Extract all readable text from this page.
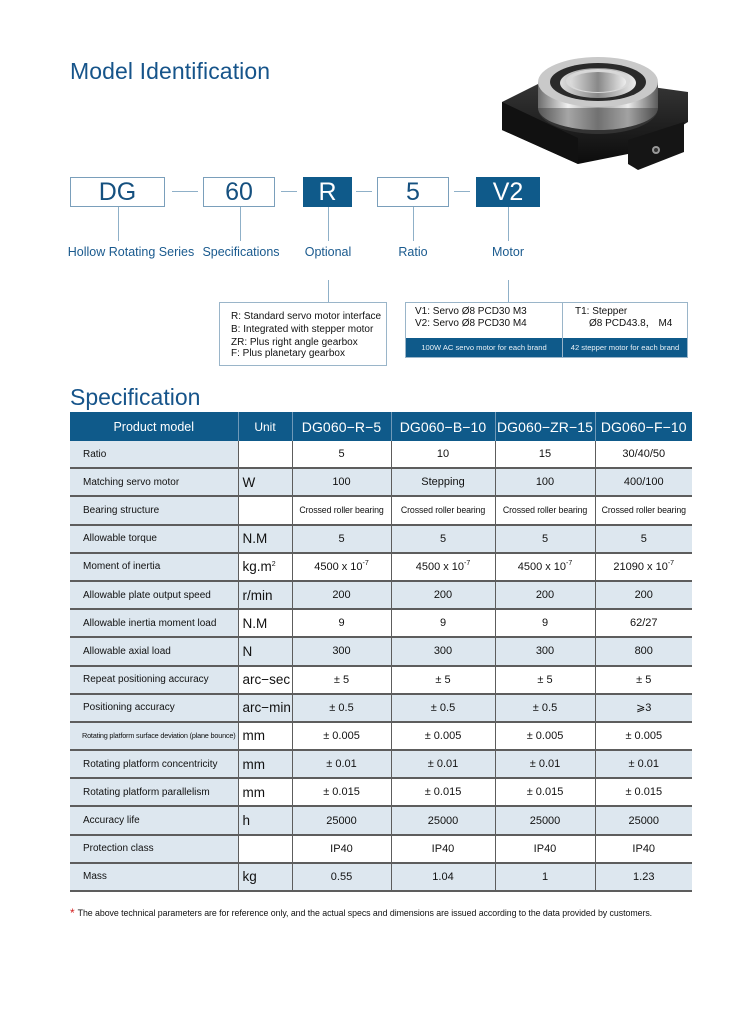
Model Identification
DG	60	R	5	V2
Hollow Rotating Series Specifications Optional	Ratio	Motor
R: Standard servo motor interface
B: Integrated with stepper motor
ZR: Plus right angle gearbox
F: Plus planetary gearbox
V1: Servo Ø8 PCD30 M3
V2: Servo Ø8 PCD30 M4
100W AC servo motor for each brand
T1: Stepper
Ø8 PCD43.8， M4
42 stepper motor for each brand
Specification
Product model	Unit	DG060−R−5	DG060−B−10	DG060−ZR−15	DG060−F−10
Ratio		5	10	15	30/40/50
Matching servo motor	W	100	Stepping	100	400/100
Bearing structure		Crossed roller bearing	Crossed roller bearing	Crossed roller bearing	Crossed roller bearing
Allowable torque	N.M	5	5	5	5
Moment of inertia	$kg.m^2$	4500 x $10^{-7}$	4500 x $10^{-7}$	4500 x $10^{-7}$	21090 x $10^{-7}$
Allowable plate output speed	r/min	200	200	200	200
Allowable inertia moment load	N.M	9	9	9	62/27
Allowable axial load	N	300	300	300	800
Repeat positioning accuracy	arc−sec	± 5	± 5	± 5	± 5
Positioning accuracy	arc−min	± 0.5	± 0.5	± 0.5	⩾3
Rotating platform surface deviation (plane bounce)	mm	± 0.005	± 0.005	± 0.005	± 0.005
Rotating platform concentricity	mm	± 0.01	± 0.01	± 0.01	± 0.01
Rotating platform parallelism	mm	± 0.015	± 0.015	± 0.015	± 0.015
Accuracy life	h	25000	25000	25000	25000
Protection class		IP40	IP40	IP40	IP40
Mass	kg	0.55	1.04	1	1.23
* The above technical parameters are for reference only, and the actual specs and dimensions are issued according to the data provided by customers.
